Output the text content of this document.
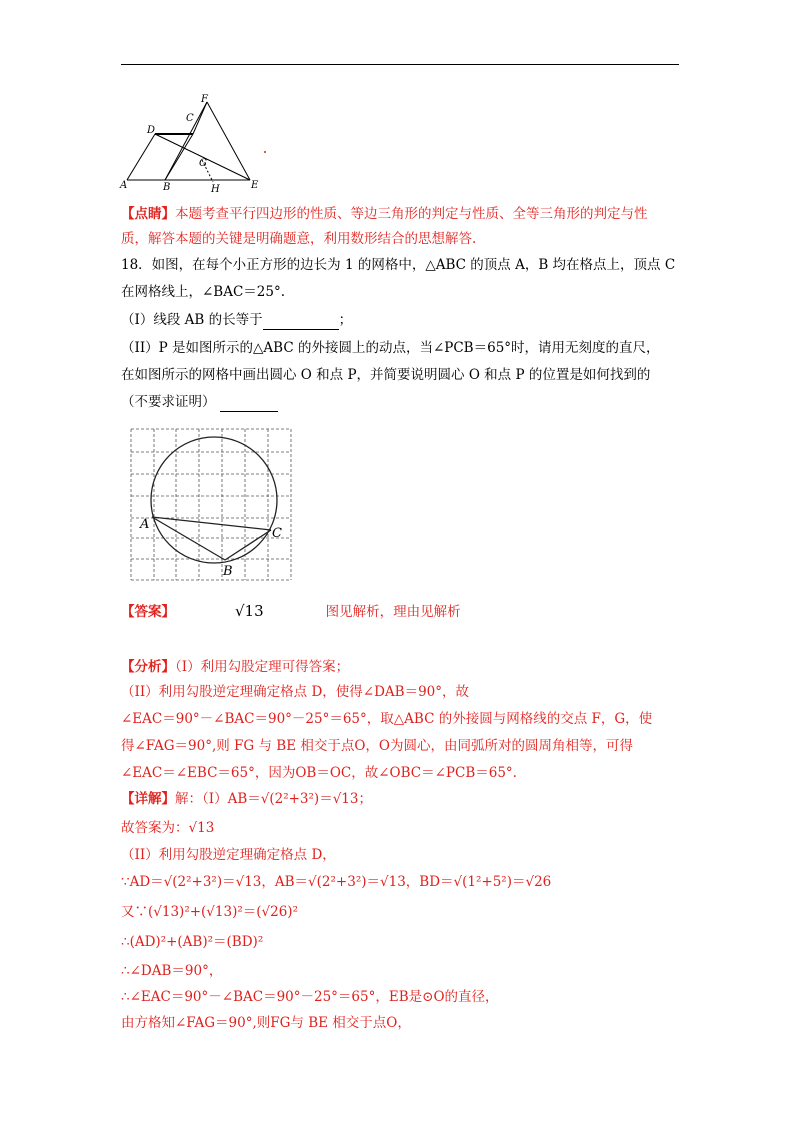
D
C
F
G
A	B	H	E
【点睛】本题考查平行四边形的性质、等边三角形的判定与性质、全等三角形的判定与性
质，解答本题的关键是明确题意，利用数形结合的思想解答.
18．如图，在每个小正方形的边长为 1 的网格中，△ABC 的顶点 A，B 均在格点上，顶点 C
在网格线上，∠BAC＝25°.
（I）线段 AB 的长等于	；
（II）P 是如图所示的△ABC 的外接圆上的动点，当∠PCB＝65°时，请用无刻度的直尺，
在如图所示的网格中画出圆心 O 和点 P，并简要说明圆心 O 和点 P 的位置是如何找到的
（不要求证明）
A
B
C
【答案】	√13	图见解析，理由见解析
【分析】（I）利用勾股定理可得答案；
（II）利用勾股逆定理确定格点 D，使得∠DAB＝90°，故
∠EAC＝90°－∠BAC＝90°－25°＝65°，取△ABC 的外接圆与网格线的交点 F，G，使
得∠FAG＝90°,则 FG 与 BE 相交于点O，O为圆心，由同弧所对的圆周角相等，可得
∠EAC＝∠EBC＝65°，因为OB＝OC，故∠OBC＝∠PCB＝65°.
【详解】解：（I）AB＝√(2²+3²)＝√13；
故答案为：√13
（II）利用勾股逆定理确定格点 D，
∵AD＝√(2²+3²)＝√13，AB＝√(2²+3²)＝√13，BD＝√(1²+5²)＝√26
又∵(√13)²+(√13)²＝(√26)²
∴(AD)²+(AB)²＝(BD)²
∴∠DAB＝90°，
∴∠EAC＝90°－∠BAC＝90°－25°＝65°，EB是⊙O的直径，
由方格知∠FAG＝90°,则FG与 BE 相交于点O，
